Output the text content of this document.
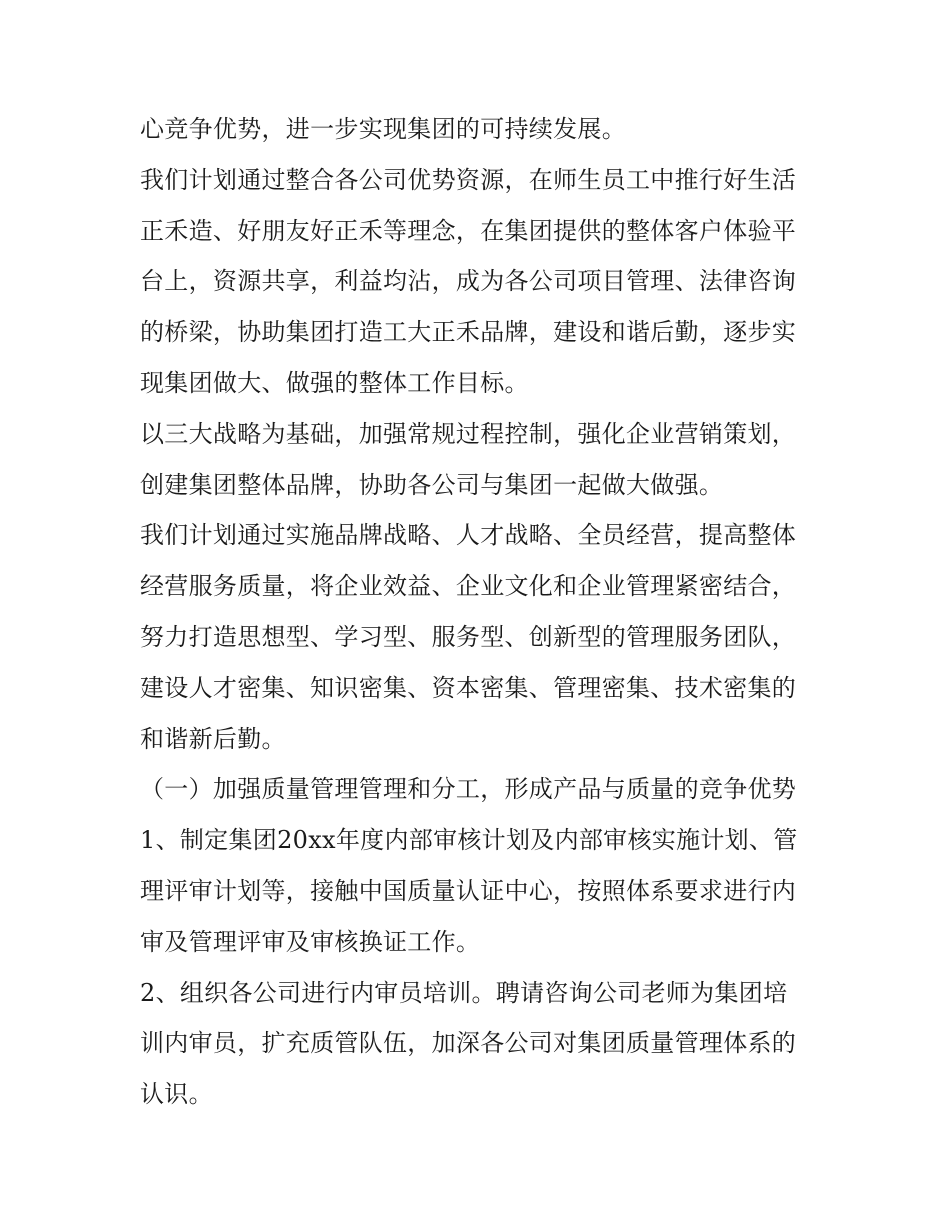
心竞争优势，进一步实现集团的可持续发展。
我们计划通过整合各公司优势资源，在师生员工中推行好生活
正禾造、好朋友好正禾等理念，在集团提供的整体客户体验平
台上，资源共享，利益均沾，成为各公司项目管理、法律咨询
的桥梁，协助集团打造工大正禾品牌，建设和谐后勤，逐步实
现集团做大、做强的整体工作目标。
以三大战略为基础，加强常规过程控制，强化企业营销策划，
创建集团整体品牌，协助各公司与集团一起做大做强。
我们计划通过实施品牌战略、人才战略、全员经营，提高整体
经营服务质量，将企业效益、企业文化和企业管理紧密结合，
努力打造思想型、学习型、服务型、创新型的管理服务团队，
建设人才密集、知识密集、资本密集、管理密集、技术密集的
和谐新后勤。
（一）加强质量管理管理和分工，形成产品与质量的竞争优势
1、制定集团20xx年度内部审核计划及内部审核实施计划、管
理评审计划等，接触中国质量认证中心，按照体系要求进行内
审及管理评审及审核换证工作。
2、组织各公司进行内审员培训。聘请咨询公司老师为集团培
训内审员，扩充质管队伍，加深各公司对集团质量管理体系的
认识。
